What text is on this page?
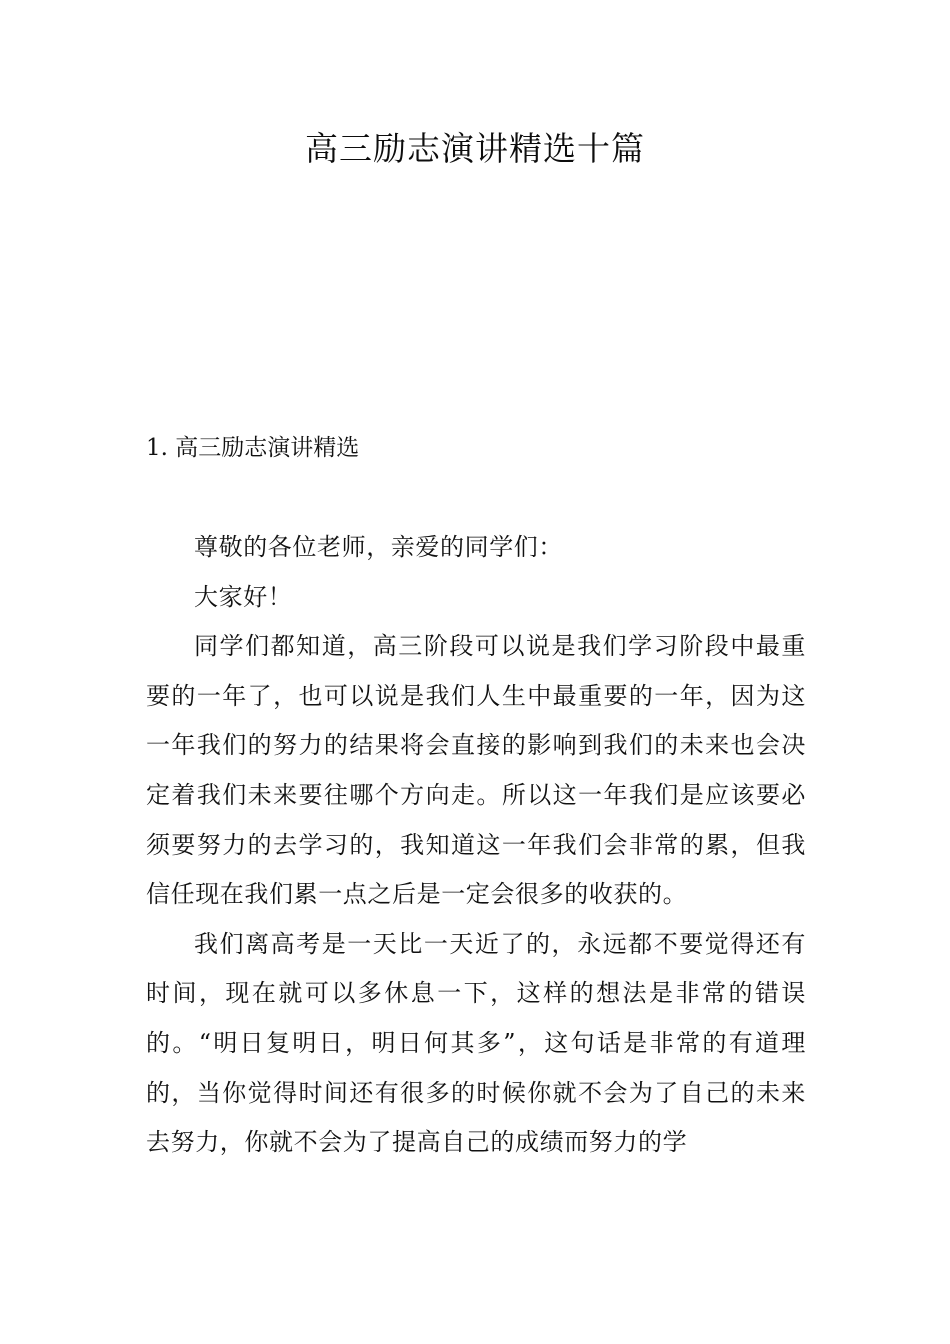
高三励志演讲精选十篇
1. 高三励志演讲精选

尊敬的各位老师，亲爱的同学们：

大家好！

同学们都知道，高三阶段可以说是我们学习阶段中最重要的一年了，也可以说是我们人生中最重要的一年，因为这一年我们的努力的结果将会直接的影响到我们的未来也会决定着我们未来要往哪个方向走。所以这一年我们是应该要必须要努力的去学习的，我知道这一年我们会非常的累，但我信任现在我们累一点之后是一定会很多的收获的。

我们离高考是一天比一天近了的，永远都不要觉得还有时间，现在就可以多休息一下，这样的想法是非常的错误的。“明日复明日，明日何其多”，这句话是非常的有道理的，当你觉得时间还有很多的时候你就不会为了自己的未来去努力，你就不会为了提高自己的成绩而努力的学
